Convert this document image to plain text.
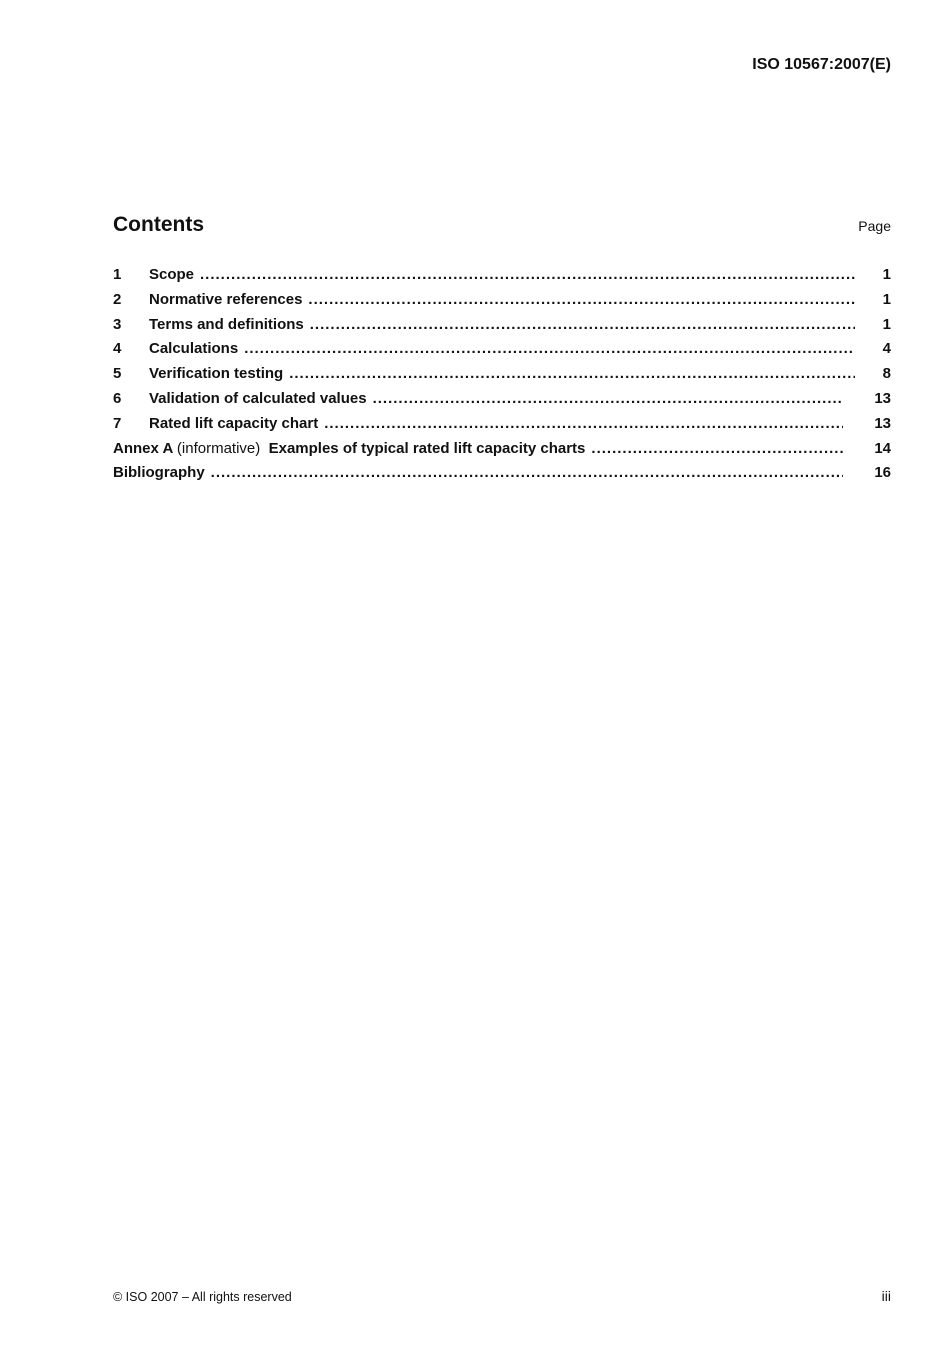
ISO 10567:2007(E)
Contents	Page
1	Scope .....	1
2	Normative references .....	1
3	Terms and definitions .....	1
4	Calculations .....	4
5	Verification testing .....	8
6	Validation of calculated values .....	13
7	Rated lift capacity chart .....	13
Annex A (informative) Examples of typical rated lift capacity charts .....	14
Bibliography .....	16
© ISO 2007 – All rights reserved	iii
